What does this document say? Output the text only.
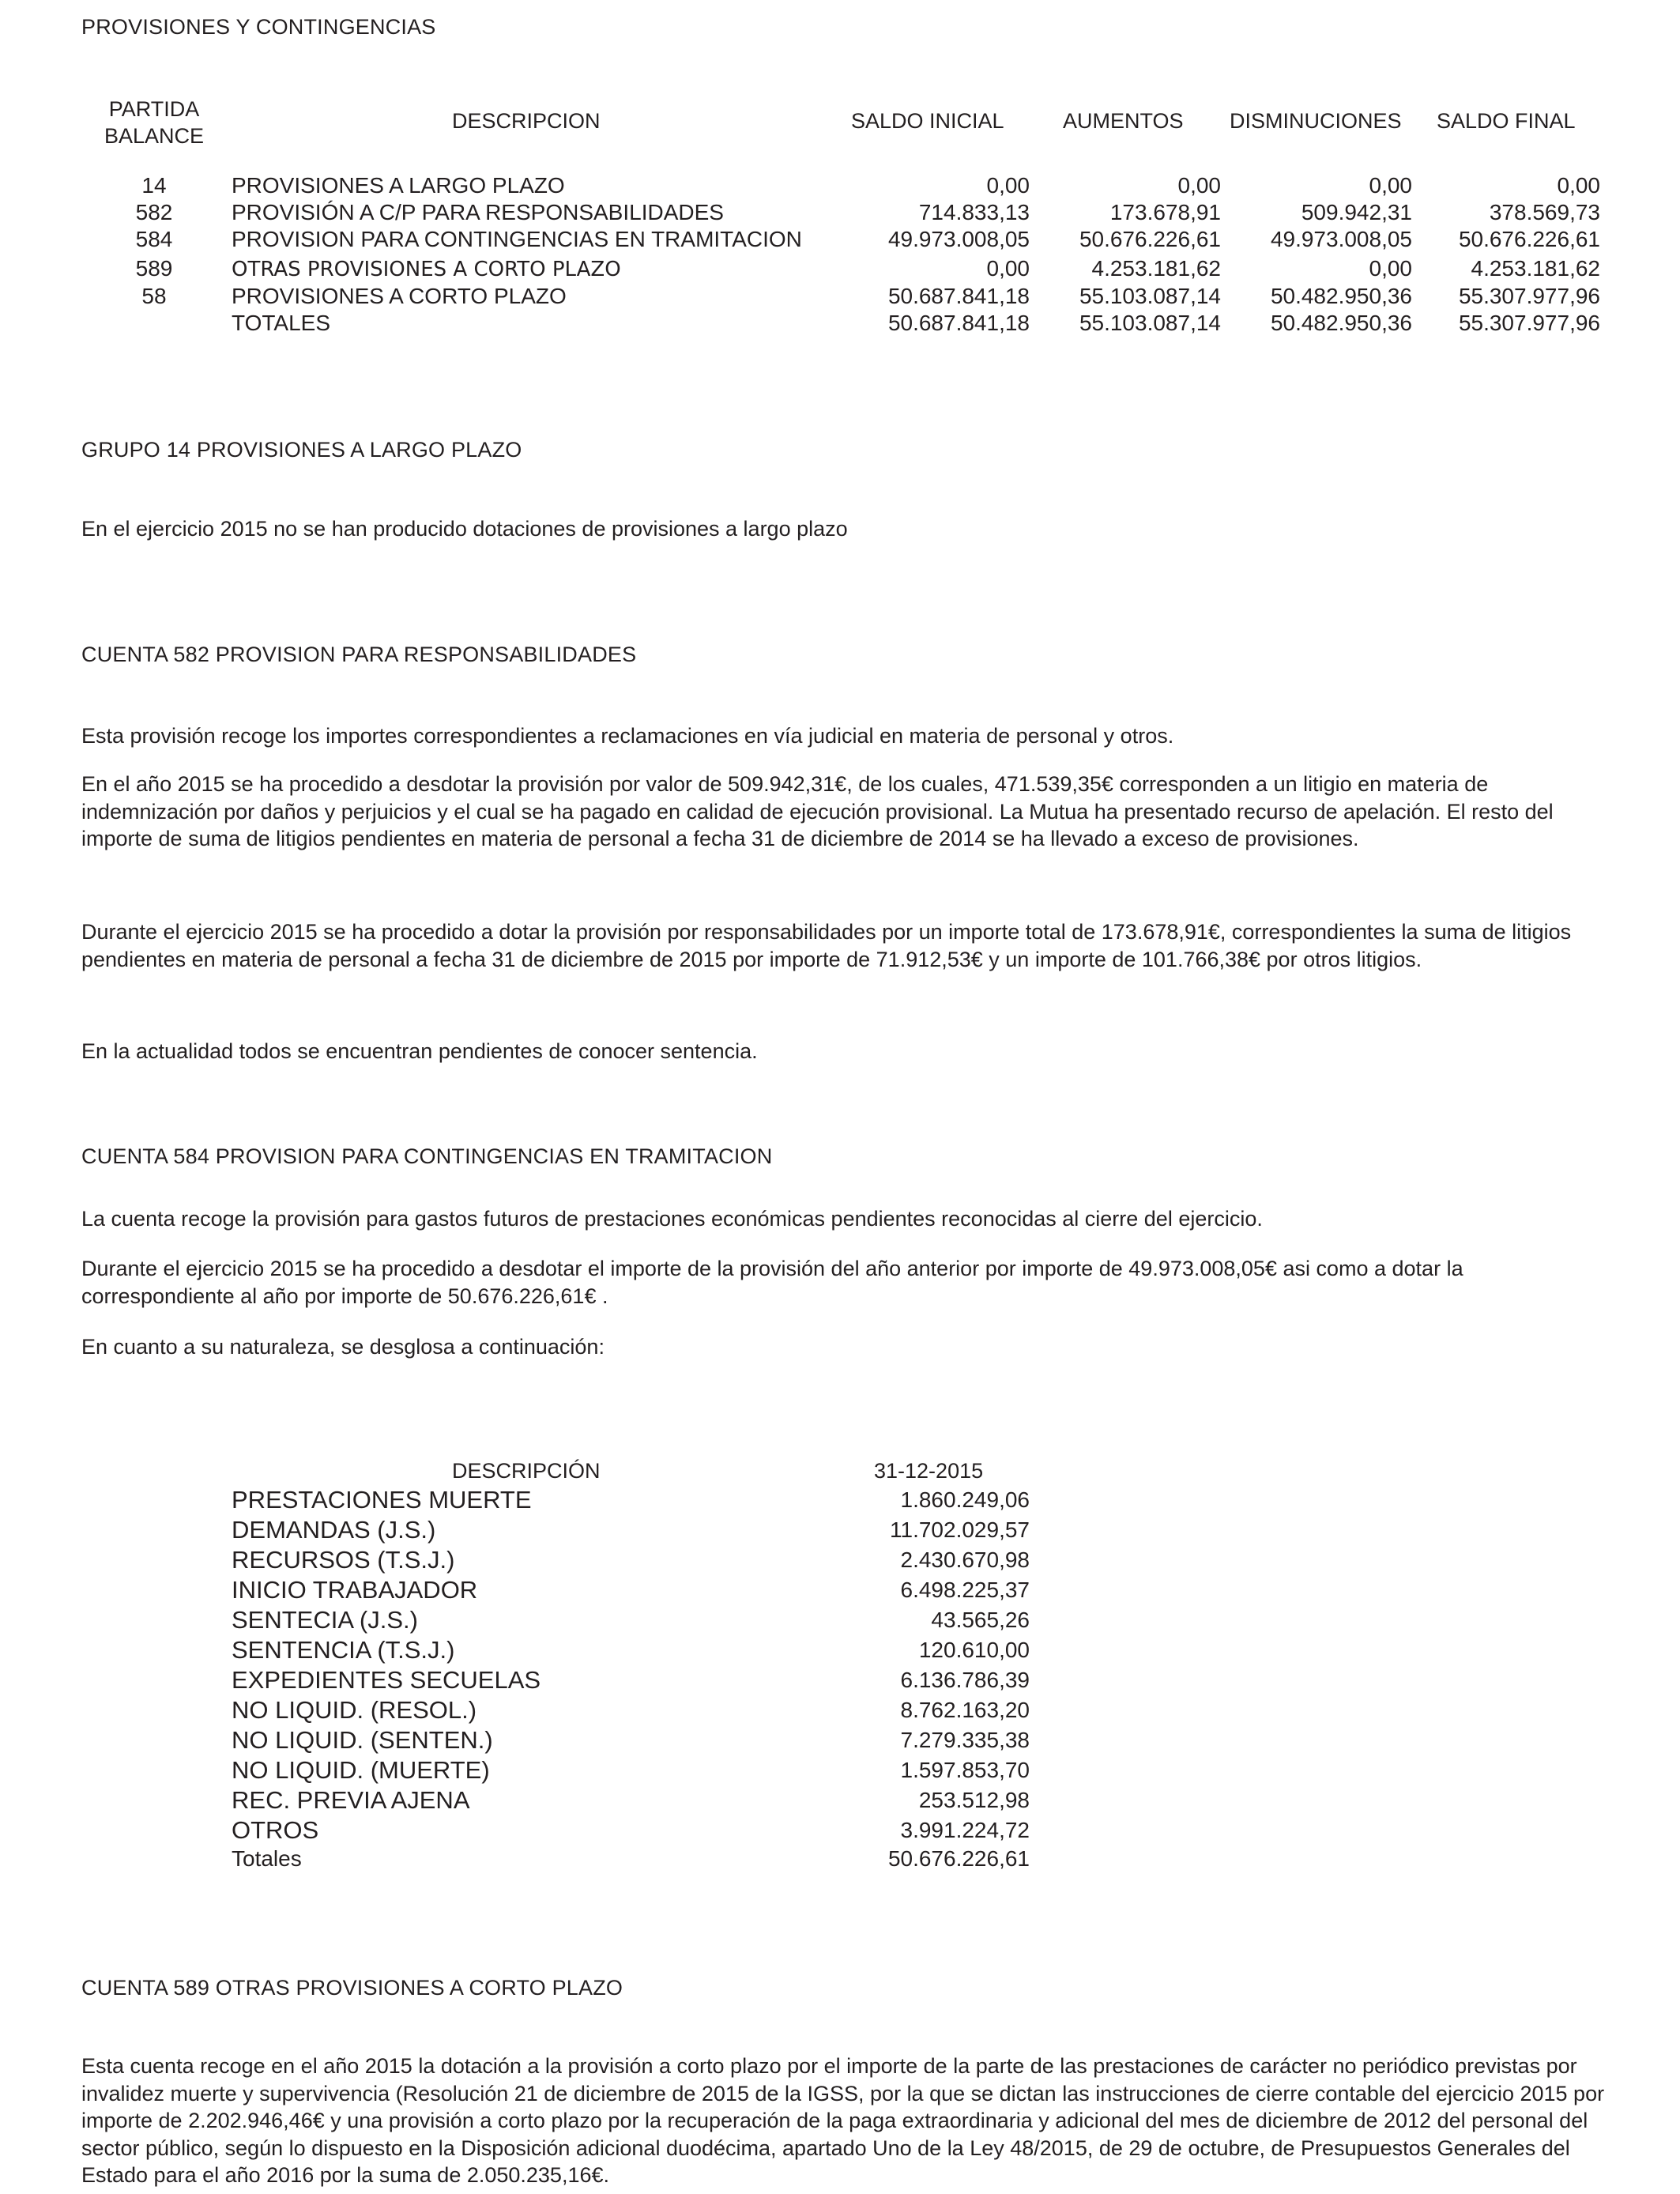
PROVISIONES Y CONTINGENCIAS
PARTIDA
BALANCE
DESCRIPCION	SALDO INICIAL	AUMENTOS DISMINUCIONES SALDO FINAL
14	PROVISIONES A LARGO PLAZO	0,00	0,00	0,00	0,00
582	PROVISIÓN A C/P PARA RESPONSABILIDADES	714.833,13	173.678,91	509.942,31	378.569,73
584	PROVISION PARA CONTINGENCIAS EN TRAMITACION	49.973.008,05 50.676.226,61 49.973.008,05 50.676.226,61
589	OTRAS PROVISIONES A CORTO PLAZO	0,00	4.253.181,62	0,00	4.253.181,62
58	PROVISIONES A CORTO PLAZO	50.687.841,18 55.103.087,14 50.482.950,36 55.307.977,96
TOTALES	50.687.841,18 55.103.087,14 50.482.950,36 55.307.977,96
GRUPO 14 PROVISIONES A LARGO PLAZO
En el ejercicio 2015 no se han producido dotaciones de provisiones a largo plazo
CUENTA 582 PROVISION PARA RESPONSABILIDADES
Esta provisión recoge los importes correspondientes a reclamaciones en vía judicial en materia de personal y otros.
En el año 2015 se ha procedido a desdotar la provisión por valor de 509.942,31€, de los cuales, 471.539,35€ corresponden a un litigio en materia de indemnización por daños y perjuicios y el cual se ha pagado en calidad de ejecución provisional. La Mutua ha presentado recurso de apelación. El resto del importe de suma de litigios pendientes en materia de personal a fecha 31 de diciembre de 2014 se ha llevado a exceso de provisiones.
Durante el ejercicio 2015 se ha procedido a dotar la provisión por responsabilidades por un importe total de 173.678,91€, correspondientes la suma de litigios pendientes en materia de personal a fecha 31 de diciembre de 2015 por importe de 71.912,53€ y un importe de 101.766,38€ por otros litigios.
En la actualidad todos se encuentran pendientes de conocer sentencia.
CUENTA 584 PROVISION PARA CONTINGENCIAS EN TRAMITACION
La cuenta recoge la provisión para gastos futuros de prestaciones económicas pendientes reconocidas al cierre del ejercicio.
Durante el ejercicio 2015 se ha procedido a desdotar el importe de la provisión del año anterior por importe de 49.973.008,05€ asi como a dotar la correspondiente al año por importe de 50.676.226,61€ .
En cuanto a su naturaleza, se desglosa a continuación:
DESCRIPCIÓN	31-12-2015
PRESTACIONES MUERTE	1.860.249,06
DEMANDAS (J.S.)	11.702.029,57
RECURSOS (T.S.J.)	2.430.670,98
INICIO TRABAJADOR	6.498.225,37
SENTECIA (J.S.)	43.565,26
SENTENCIA (T.S.J.)	120.610,00
EXPEDIENTES SECUELAS	6.136.786,39
NO LIQUID. (RESOL.)	8.762.163,20
NO LIQUID. (SENTEN.)	7.279.335,38
NO LIQUID. (MUERTE)	1.597.853,70
REC. PREVIA AJENA	253.512,98
OTROS	3.991.224,72
Totales	50.676.226,61
CUENTA 589 OTRAS PROVISIONES A CORTO PLAZO
Esta cuenta recoge en el año 2015 la dotación a la provisión a corto plazo por el importe de la parte de las prestaciones de carácter no periódico previstas por invalidez muerte y supervivencia (Resolución 21 de diciembre de 2015 de la IGSS, por la que se dictan las instrucciones de cierre contable del ejercicio 2015 por importe de 2.202.946,46€ y una provisión a corto plazo por la recuperación de la paga extraordinaria y adicional del mes de diciembre de 2012 del personal del sector público, según lo dispuesto en la Disposición adicional duodécima, apartado Uno de la Ley 48/2015, de 29 de octubre, de Presupuestos Generales del Estado para el año 2016 por la suma de 2.050.235,16€.
